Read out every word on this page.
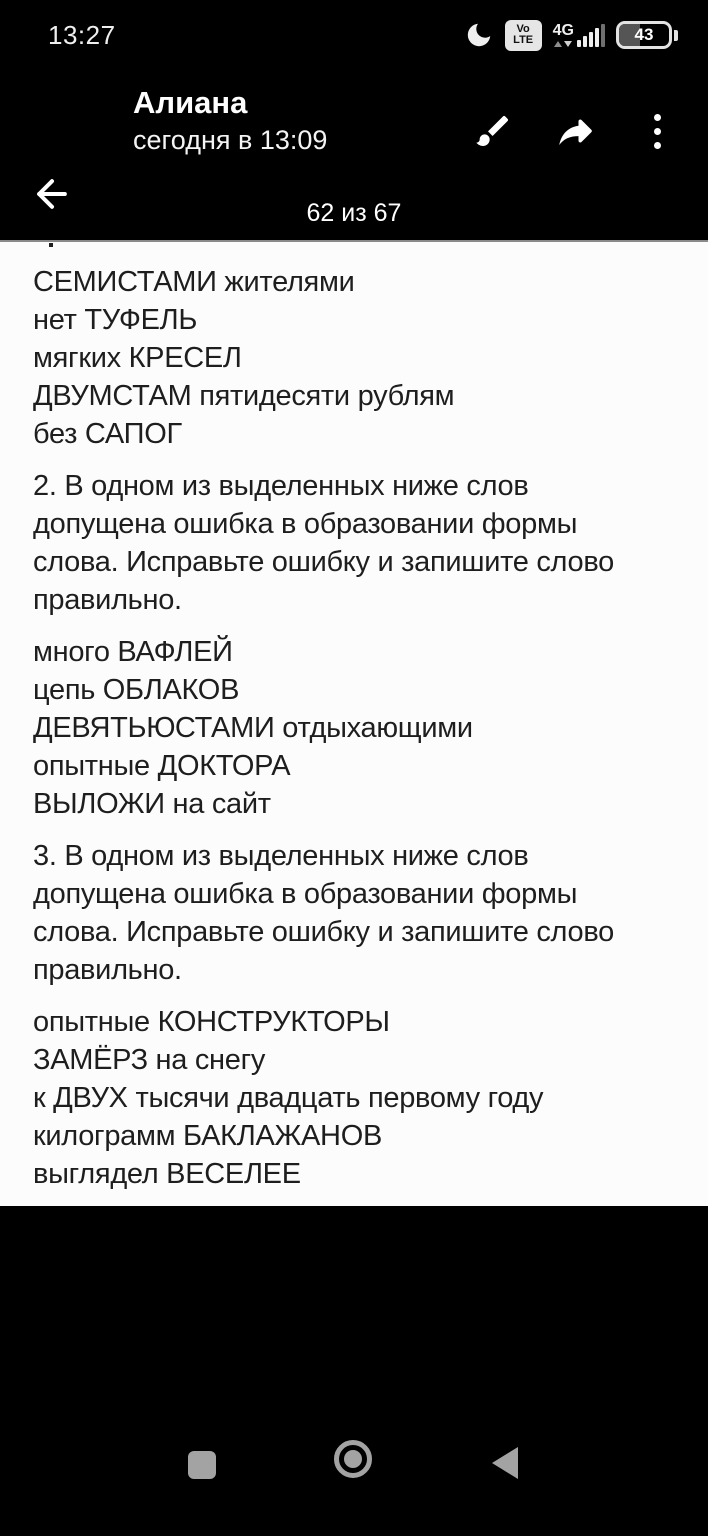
13:27	Vo
LTE
4G	43
Алиана
сегодня в 13:09
62 из 67
СЕМИСТАМИ жителями
нет ТУФЕЛЬ
мягких КРЕСЕЛ
ДВУМСТАМ пятидесяти рублям
без САПОГ
2. В одном из выделенных ниже слов
допущена ошибка в образовании формы
слова. Исправьте ошибку и запишите слово
правильно.
много ВАФЛЕЙ
цепь ОБЛАКОВ
ДЕВЯТЬЮСТАМИ отдыхающими
опытные ДОКТОРА
ВЫЛОЖИ на сайт
3. В одном из выделенных ниже слов
допущена ошибка в образовании формы
слова. Исправьте ошибку и запишите слово
правильно.
опытные КОНСТРУКТОРЫ
ЗАМЁРЗ на снегу
к ДВУХ тысячи двадцать первому году
килограмм БАКЛАЖАНОВ
выглядел ВЕСЕЛЕЕ
